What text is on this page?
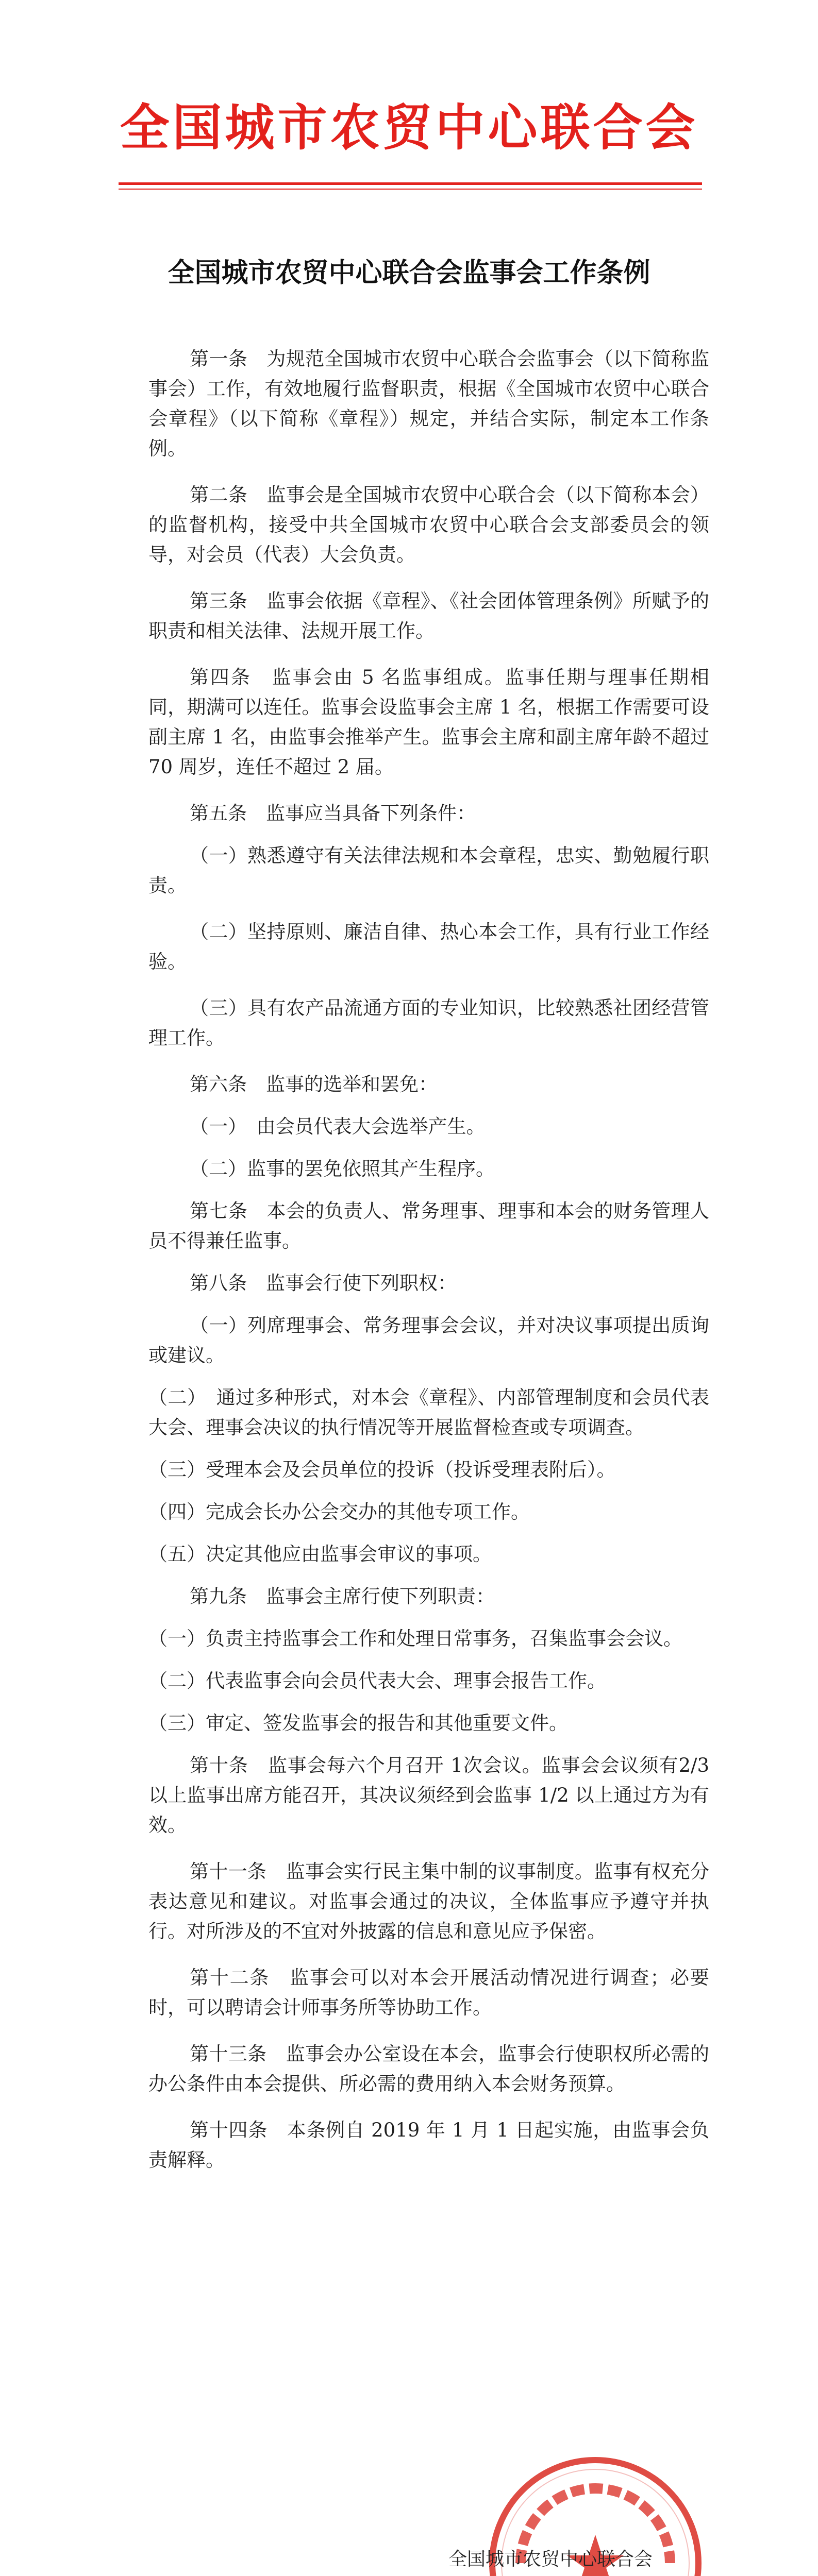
全国城市农贸中心联合会
全国城市农贸中心联合会监事会工作条例

第一条　为规范全国城市农贸中心联合会监事会（以下简称监事会）工作，有效地履行监督职责，根据《全国城市农贸中心联合会章程》（以下简称《章程》）规定，并结合实际，制定本工作条例。

第二条　监事会是全国城市农贸中心联合会（以下简称本会）的监督机构，接受中共全国城市农贸中心联合会支部委员会的领导，对会员（代表）大会负责。

第三条　监事会依据《章程》、《社会团体管理条例》所赋予的职责和相关法律、法规开展工作。

第四条　监事会由 5 名监事组成。监事任期与理事任期相同，期满可以连任。监事会设监事会主席 1 名，根据工作需要可设副主席 1 名，由监事会推举产生。监事会主席和副主席年龄不超过 70 周岁，连任不超过 2 届。

第五条　监事应当具备下列条件：

（一）熟悉遵守有关法律法规和本会章程，忠实、勤勉履行职责。

（二）坚持原则、廉洁自律、热心本会工作，具有行业工作经验。

（三）具有农产品流通方面的专业知识，比较熟悉社团经营管理工作。

第六条　监事的选举和罢免：

（一）　由会员代表大会选举产生。

（二）监事的罢免依照其产生程序。

第七条　本会的负责人、常务理事、理事和本会的财务管理人员不得兼任监事。

第八条　监事会行使下列职权：

（一）列席理事会、常务理事会会议，并对决议事项提出质询或建议。

（二）　通过多种形式，对本会《章程》、内部管理制度和会员代表大会、理事会决议的执行情况等开展监督检查或专项调查。

（三）受理本会及会员单位的投诉（投诉受理表附后）。

（四）完成会长办公会交办的其他专项工作。

（五）决定其他应由监事会审议的事项。

第九条　监事会主席行使下列职责：

（一）负责主持监事会工作和处理日常事务，召集监事会会议。

（二）代表监事会向会员代表大会、理事会报告工作。

（三）审定、签发监事会的报告和其他重要文件。

第十条　监事会每六个月召开 1次会议。监事会会议须有2/3以上监事出席方能召开，其决议须经到会监事 1/2 以上通过方为有效。

第十一条　监事会实行民主集中制的议事制度。监事有权充分表达意见和建议。对监事会通过的决议，全体监事应予遵守并执行。对所涉及的不宜对外披露的信息和意见应予保密。

第十二条　监事会可以对本会开展活动情况进行调查；必要时，可以聘请会计师事务所等协助工作。

第十三条　监事会办公室设在本会，监事会行使职权所必需的办公条件由本会提供、所必需的费用纳入本会财务预算。

第十四条　本条例自 2019 年 1 月 1 日起实施，由监事会负责解释。

全国城市农贸中心联合会
